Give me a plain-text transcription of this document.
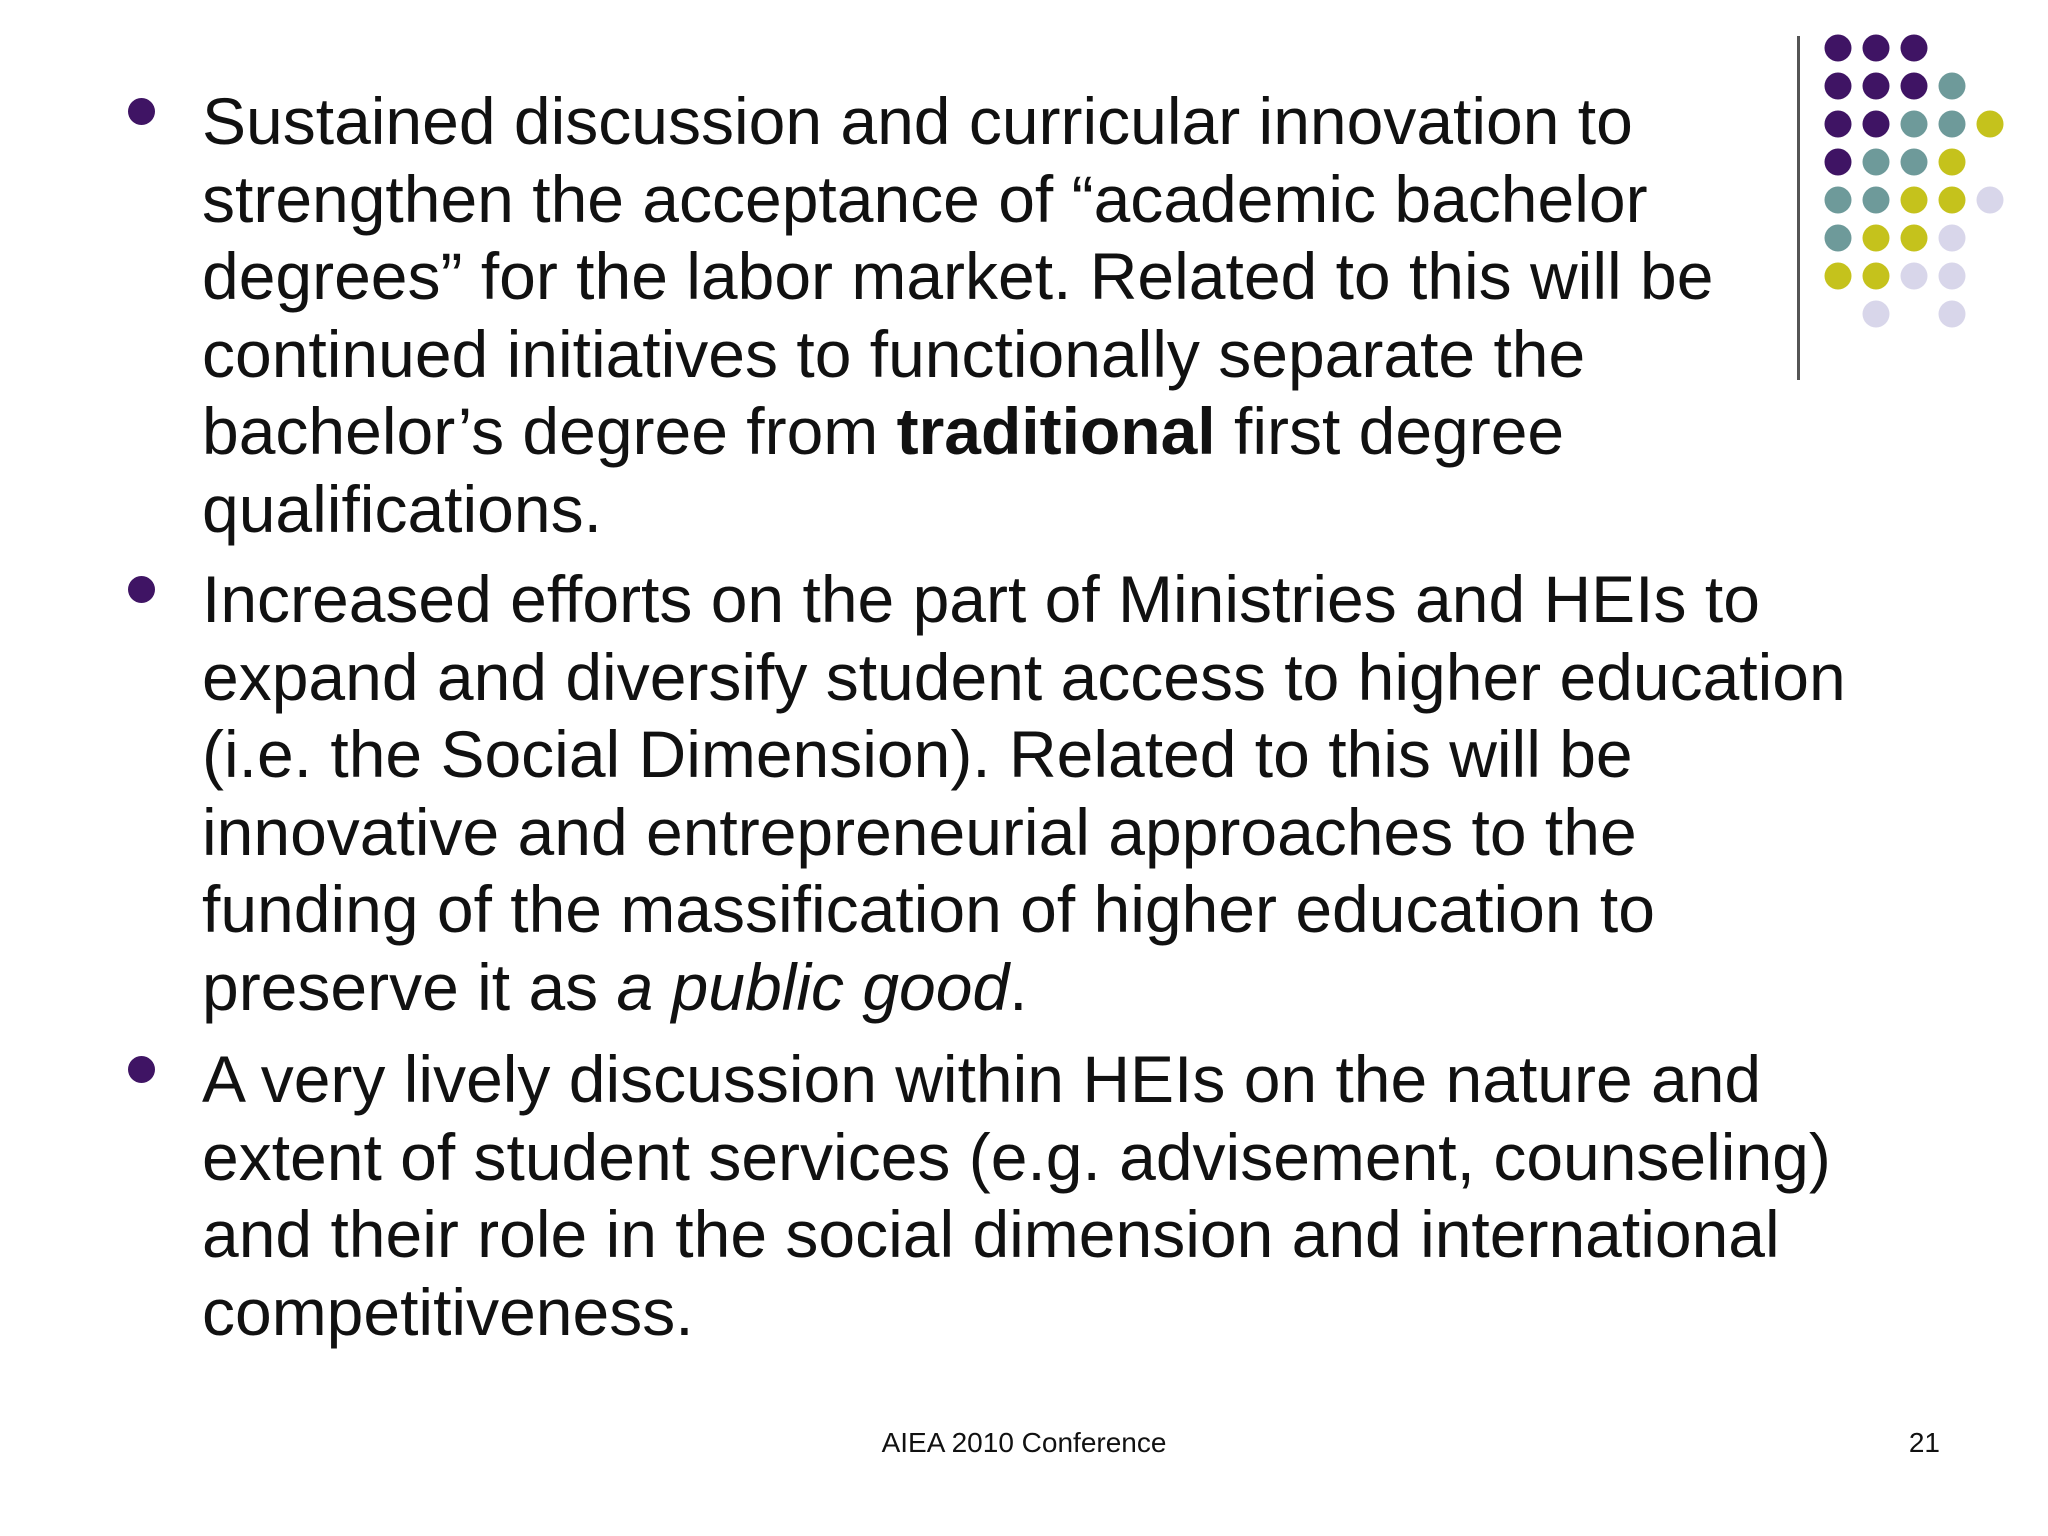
Sustained discussion and curricular innovation to
strengthen the acceptance of “academic bachelor
degrees” for the labor market. Related to this will be
continued initiatives to functionally separate the
bachelor’s degree from traditional first degree
qualifications.
Increased efforts on the part of Ministries and HEIs to
expand and diversify student access to higher education
(i.e. the Social Dimension). Related to this will be
innovative and entrepreneurial approaches to the
funding of the massification of higher education to
preserve it as a public good.
A very lively discussion within HEIs on the nature and
extent of student services (e.g. advisement, counseling)
and their role in the social dimension and international
competitiveness.
AIEA 2010 Conference	21
